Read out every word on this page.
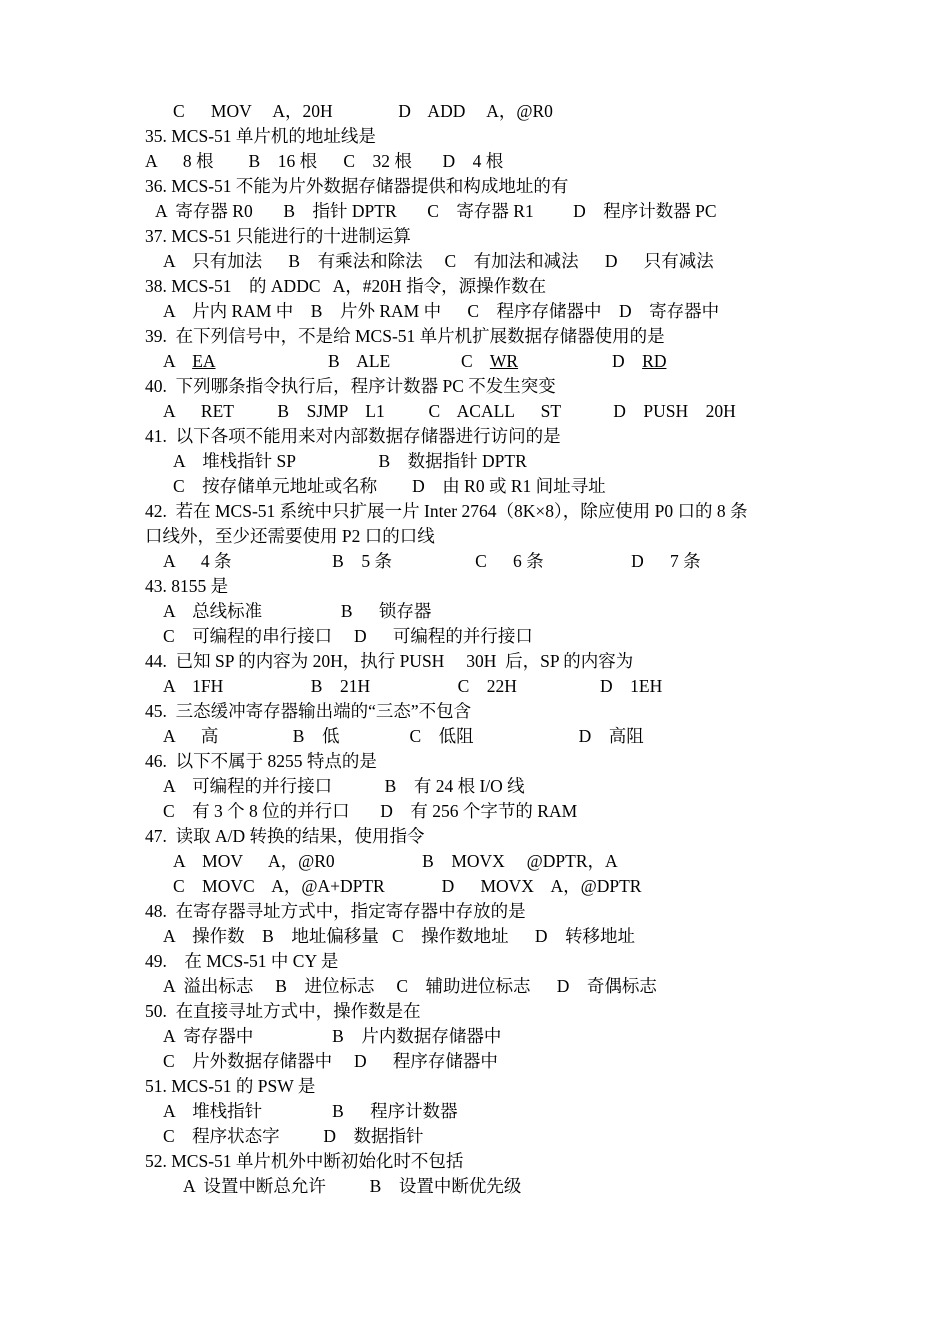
C      MOV     A，20H               D    ADD     A，@R0
35. MCS-51 单片机的地址线是
A      8 根        B    16 根      C    32 根       D    4 根
36. MCS-51 不能为片外数据存储器提供和构成地址的有
A  寄存器 R0       B    指针 DPTR       C    寄存器 R1         D    程序计数器 PC
37. MCS-51 只能进行的十进制运算
A    只有加法      B    有乘法和除法     C    有加法和减法      D      只有减法
38. MCS-51    的 ADDC   A，#20H 指令，源操作数在
A    片内 RAM 中    B    片外 RAM 中      C    程序存储器中    D    寄存器中
39.  在下列信号中，不是给 MCS-51 单片机扩展数据存储器使用的是
A    EA	B    ALE	C    WR	D    RD
40.  下列哪条指令执行后，程序计数器 PC 不发生突变
A      RET          B    SJMP    L1          C    ACALL      ST            D    PUSH    20H
41.  以下各项不能用来对内部数据存储器进行访问的是
A    堆栈指针 SP                   B    数据指针 DPTR
C    按存储单元地址或名称        D    由 R0 或 R1 间址寻址
42.  若在 MCS-51 系统中只扩展一片 Inter 2764（8K×8），除应使用 P0 口的 8 条
口线外，至少还需要使用 P2 口的口线
A      4 条                       B    5 条                   C      6 条                    D      7 条
43. 8155 是
A    总线标准                  B      锁存器
C    可编程的串行接口     D      可编程的并行接口
44.  已知 SP 的内容为 20H，执行 PUSH     30H  后，SP 的内容为
A    1FH                    B    21H                    C    22H                   D    1EH
45.  三态缓冲寄存器输出端的“三态”不包含
A      高                 B    低                C    低阻                        D    高阻
46.  以下不属于 8255 特点的是
A    可编程的并行接口            B    有 24 根 I/O 线
C    有 3 个 8 位的并行口       D    有 256 个字节的 RAM
47.  读取 A/D 转换的结果，使用指令
A    MOV      A，@R0                    B    MOVX     @DPTR，A
C    MOVC    A，@A+DPTR             D      MOVX    A，@DPTR
48.  在寄存器寻址方式中，指定寄存器中存放的是
A    操作数    B    地址偏移量   C    操作数地址      D    转移地址
49.    在 MCS-51 中 CY 是
A  溢出标志     B    进位标志     C    辅助进位标志      D    奇偶标志
50.  在直接寻址方式中，操作数是在
A  寄存器中                  B    片内数据存储器中
C    片外数据存储器中     D      程序存储器中
51. MCS-51 的 PSW 是
A    堆栈指针                B      程序计数器
C    程序状态字          D    数据指针
52. MCS-51 单片机外中断初始化时不包括
A  设置中断总允许          B    设置中断优先级
